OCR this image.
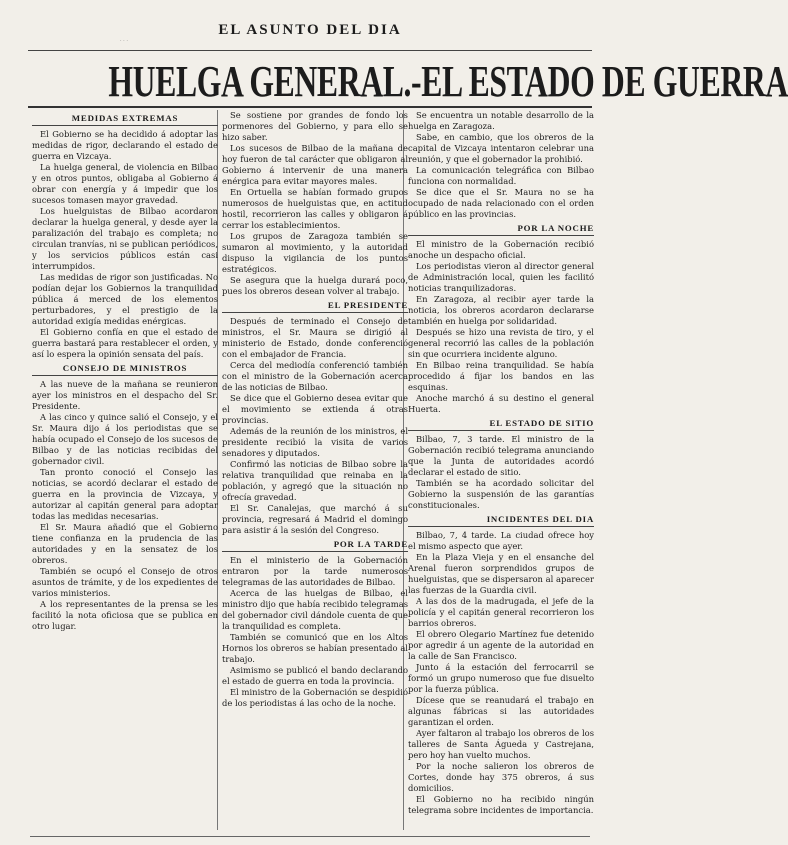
· · ·
EL ASUNTO DEL DIA
HUELGA GENERAL.-EL ESTADO DE GUERRA
MEDIDAS EXTREMAS

El Gobierno se ha decidido á adoptar las medidas de rigor, declarando el estado de guerra en Vizcaya.

La huelga general, de violencia en Bilbao y en otros puntos, obligaba al Gobierno á obrar con energía y á impedir que los sucesos tomasen mayor gravedad.

Los huelguistas de Bilbao acordaron declarar la huelga general, y desde ayer la paralización del trabajo es completa; no circulan tranvías, ni se publican periódicos, y los servicios públicos están casi interrumpidos.

Las medidas de rigor son justificadas. No podían dejar los Gobiernos la tranquilidad pública á merced de los elementos perturbadores, y el prestigio de la autoridad exigía medidas enérgicas.

El Gobierno confía en que el estado de guerra bastará para restablecer el orden, y así lo espera la opinión sensata del país.

CONSEJO DE MINISTROS

A las nueve de la mañana se reunieron ayer los ministros en el despacho del Sr. Presidente.

A las cinco y quince salió el Consejo, y el Sr. Maura dijo á los periodistas que se había ocupado el Consejo de los sucesos de Bilbao y de las noticias recibidas del gobernador civil.

Tan pronto conoció el Consejo las noticias, se acordó declarar el estado de guerra en la provincia de Vizcaya, y autorizar al capitán general para adoptar todas las medidas necesarias.

El Sr. Maura añadió que el Gobierno tiene confianza en la prudencia de las autoridades y en la sensatez de los obreros.

También se ocupó el Consejo de otros asuntos de trámite, y de los expedientes de varios ministerios.

A los representantes de la prensa se les facilitó la nota oficiosa que se publica en otro lugar.

Se sostiene por grandes de fondo los pormenores del Gobierno, y para ello se hizo saber.

Los sucesos de Bilbao de la mañana de hoy fueron de tal carácter que obligaron al Gobierno á intervenir de una manera enérgica para evitar mayores males.

En Ortuella se habían formado grupos numerosos de huelguistas que, en actitud hostil, recorrieron las calles y obligaron á cerrar los establecimientos.

Los grupos de Zaragoza también se sumaron al movimiento, y la autoridad dispuso la vigilancia de los puntos estratégicos.

Se asegura que la huelga durará poco, pues los obreros desean volver al trabajo.

EL PRESIDENTE

Después de terminado el Consejo de ministros, el Sr. Maura se dirigió al ministerio de Estado, donde conferenció con el embajador de Francia.

Cerca del mediodía conferenció también con el ministro de la Gobernación acerca de las noticias de Bilbao.

Se dice que el Gobierno desea evitar que el movimiento se extienda á otras provincias.

Además de la reunión de los ministros, el presidente recibió la visita de varios senadores y diputados.

Confirmó las noticias de Bilbao sobre la relativa tranquilidad que reinaba en la población, y agregó que la situación no ofrecía gravedad.

El Sr. Canalejas, que marchó á su provincia, regresará á Madrid el domingo para asistir á la sesión del Congreso.

POR LA TARDE

En el ministerio de la Gobernación entraron por la tarde numerosos telegramas de las autoridades de Bilbao.

Acerca de las huelgas de Bilbao, el ministro dijo que había recibido telegramas del gobernador civil dándole cuenta de que la tranquilidad es completa.

También se comunicó que en los Altos Hornos los obreros se habían presentado al trabajo.

Asimismo se publicó el bando declarando el estado de guerra en toda la provincia.

El ministro de la Gobernación se despidió de los periodistas á las ocho de la noche.

Se encuentra un notable desarrollo de la huelga en Zaragoza.

Sabe, en cambio, que los obreros de la capital de Vizcaya intentaron celebrar una reunión, y que el gobernador la prohibió.

La comunicación telegráfica con Bilbao funciona con normalidad.

Se dice que el Sr. Maura no se ha ocupado de nada relacionado con el orden público en las provincias.

POR LA NOCHE

El ministro de la Gobernación recibió anoche un despacho oficial.

Los periodistas vieron al director general de Administración local, quien les facilitó noticias tranquilizadoras.

En Zaragoza, al recibir ayer tarde la noticia, los obreros acordaron declararse también en huelga por solidaridad.

Después se hizo una revista de tiro, y el general recorrió las calles de la población sin que ocurriera incidente alguno.

En Bilbao reina tranquilidad. Se había procedido á fijar los bandos en las esquinas.

Anoche marchó á su destino el general Huerta.

EL ESTADO DE SITIO

Bilbao, 7, 3 tarde. El ministro de la Gobernación recibió telegrama anunciando que la Junta de autoridades acordó declarar el estado de sitio.

También se ha acordado solicitar del Gobierno la suspensión de las garantías constitucionales.

INCIDENTES DEL DIA

Bilbao, 7, 4 tarde. La ciudad ofrece hoy el mismo aspecto que ayer.

En la Plaza Vieja y en el ensanche del Arenal fueron sorprendidos grupos de huelguistas, que se dispersaron al aparecer las fuerzas de la Guardia civil.

A las dos de la madrugada, el jefe de la policía y el capitán general recorrieron los barrios obreros.

El obrero Olegario Martínez fue detenido por agredir á un agente de la autoridad en la calle de San Francisco.

Junto á la estación del ferrocarril se formó un grupo numeroso que fue disuelto por la fuerza pública.

Dícese que se reanudará el trabajo en algunas fábricas si las autoridades garantizan el orden.

Ayer faltaron al trabajo los obreros de los talleres de Santa Águeda y Castrejana, pero hoy han vuelto muchos.

Por la noche salieron los obreros de Cortes, donde hay 375 obreros, á sus domicilios.

El Gobierno no ha recibido ningún telegrama sobre incidentes de importancia.
